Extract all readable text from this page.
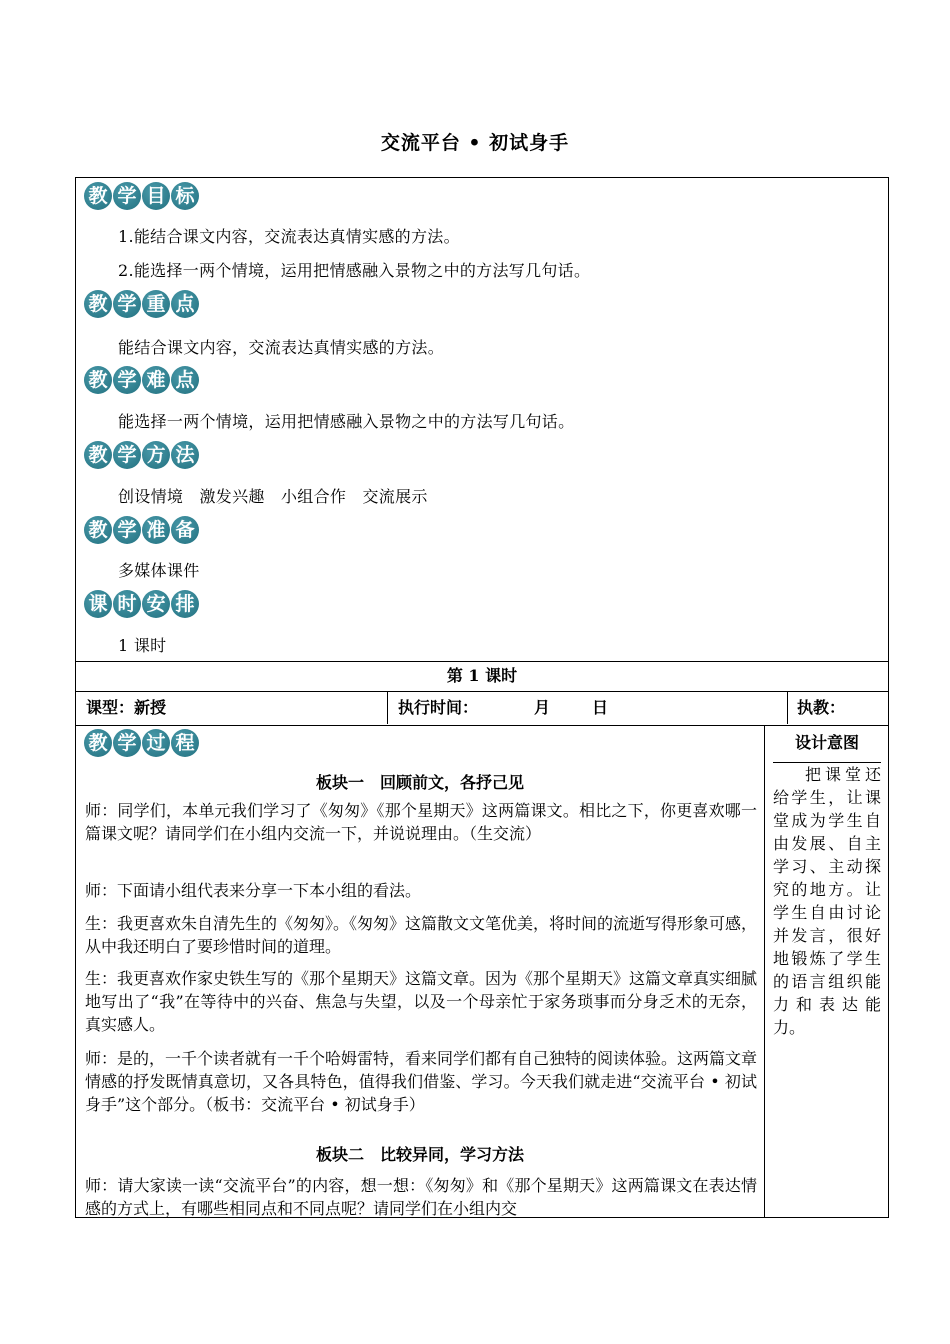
交流平台 • 初试身手
教 学 目 标
1.能结合课文内容，交流表达真情实感的方法。
2.能选择一两个情境，运用把情感融入景物之中的方法写几句话。
教 学 重 点
能结合课文内容，交流表达真情实感的方法。
教 学 难 点
能选择一两个情境，运用把情感融入景物之中的方法写几句话。
教 学 方 法
创设情境　激发兴趣　小组合作　交流展示
教 学 准 备
多媒体课件
课 时 安 排
1 课时
第 1 课时
课型：新授	执行时间：	月	日	执教：
教 学 过 程
板块一　回顾前文，各抒己见
师：同学们，本单元我们学习了《匆匆》《那个星期天》这两篇课文。相比之下，你更喜欢哪一篇课文呢？请同学们在小组内交流一下，并说说理由。（生交流）
师：下面请小组代表来分享一下本小组的看法。
生：我更喜欢朱自清先生的《匆匆》。《匆匆》这篇散文文笔优美，将时间的流逝写得形象可感，从中我还明白了要珍惜时间的道理。
生：我更喜欢作家史铁生写的《那个星期天》这篇文章。因为《那个星期天》这篇文章真实细腻地写出了“我”在等待中的兴奋、焦急与失望，以及一个母亲忙于家务琐事而分身乏术的无奈，真实感人。
师：是的，一千个读者就有一千个哈姆雷特，看来同学们都有自己独特的阅读体验。这两篇文章情感的抒发既情真意切，又各具特色，值得我们借鉴、学习。今天我们就走进“交流平台 • 初试身手”这个部分。（板书：交流平台 • 初试身手）
板块二　比较异同，学习方法
师：请大家读一读“交流平台”的内容，想一想：《匆匆》和《那个星期天》这两篇课文在表达情感的方式上，有哪些相同点和不同点呢？请同学们在小组内交
设计意图

把课堂还给学生，让课堂成为学生自由发展、自主学习、主动探究的地方。让学生自由讨论并发言，很好地锻炼了学生的语言组织能力和表达能力。
